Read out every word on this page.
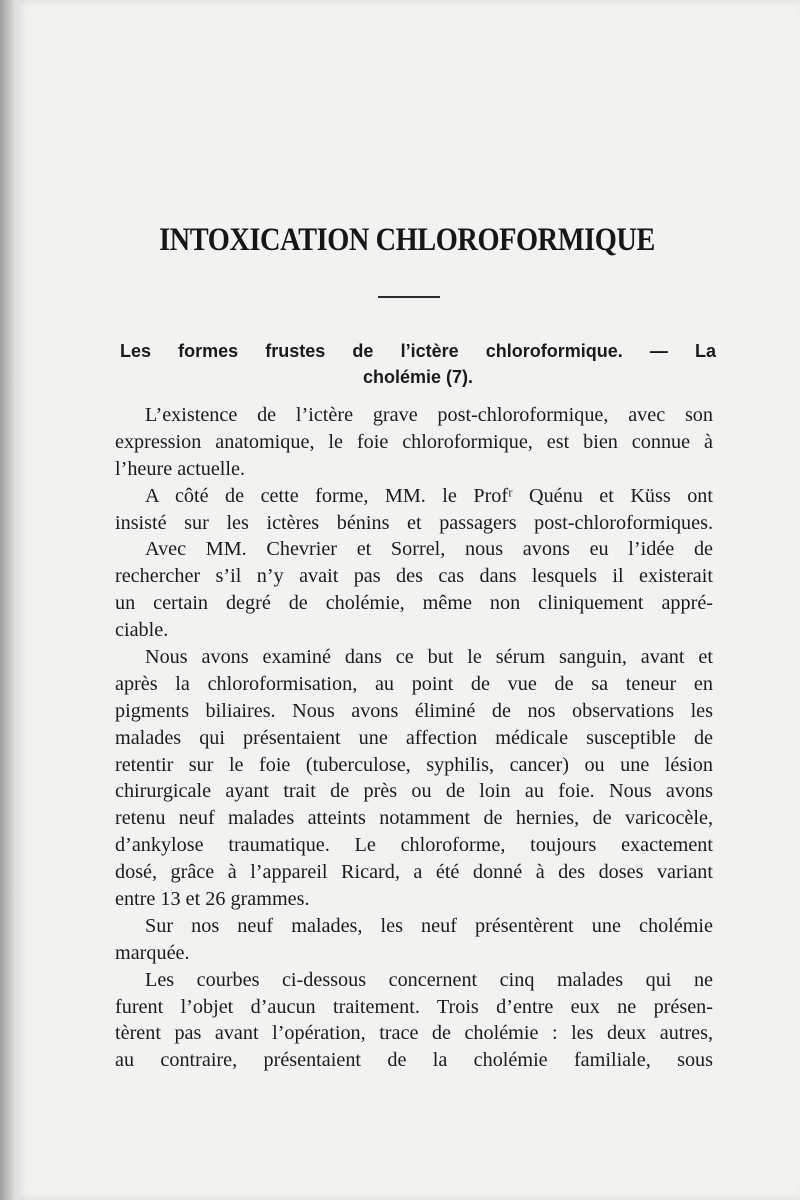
INTOXICATION CHLOROFORMIQUE
Les formes frustes de l’ictère chloroformique. — La
cholémie (7).
L’existence de l’ictère grave post-chloroformique, avec son
expression anatomique, le foie chloroformique, est bien connue à
l’heure actuelle.
A côté de cette forme, MM. le Profʳ Quénu et Küss ont
insisté sur les ictères bénins et passagers post-chloroformiques.
Avec MM. Chevrier et Sorrel, nous avons eu l’idée de
rechercher s’il n’y avait pas des cas dans lesquels il existerait
un certain degré de cholémie, même non cliniquement appré-
ciable.
Nous avons examiné dans ce but le sérum sanguin, avant et
après la chloroformisation, au point de vue de sa teneur en
pigments biliaires. Nous avons éliminé de nos observations les
malades qui présentaient une affection médicale susceptible de
retentir sur le foie (tuberculose, syphilis, cancer) ou une lésion
chirurgicale ayant trait de près ou de loin au foie. Nous avons
retenu neuf malades atteints notamment de hernies, de varicocèle,
d’ankylose traumatique. Le chloroforme, toujours exactement
dosé, grâce à l’appareil Ricard, a été donné à des doses variant
entre 13 et 26 grammes.
Sur nos neuf malades, les neuf présentèrent une cholémie
marquée.
Les courbes ci-dessous concernent cinq malades qui ne
furent l’objet d’aucun traitement. Trois d’entre eux ne présen-
tèrent pas avant l’opération, trace de cholémie : les deux autres,
au contraire, présentaient de la cholémie familiale, sous
